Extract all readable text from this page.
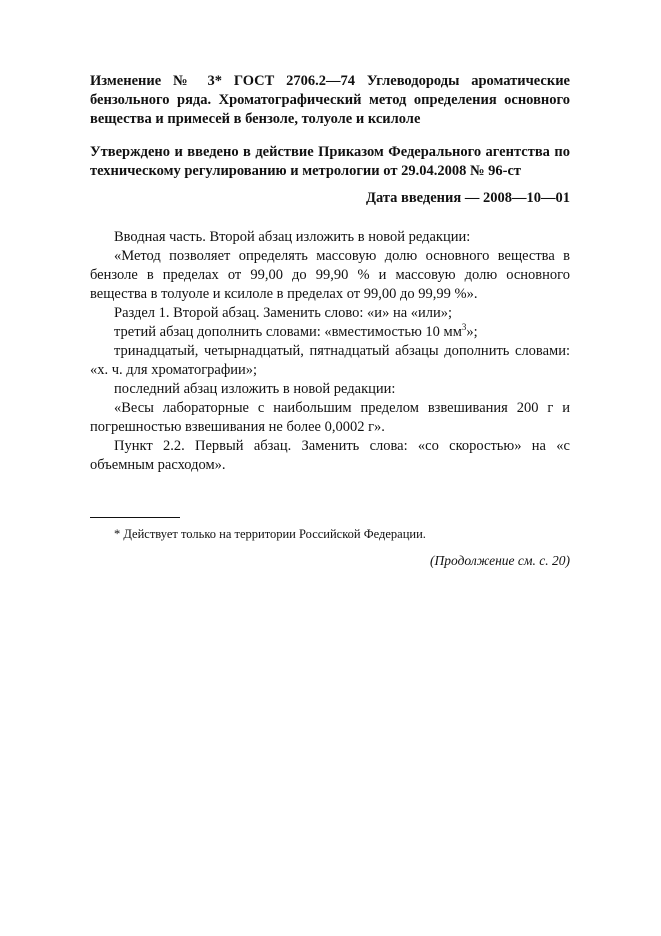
Изменение № 3* ГОСТ 2706.2—74 Углеводороды ароматические бензольного ряда. Хроматографический метод определения основного вещества и примесей в бензоле, толуоле и ксилоле

Утверждено и введено в действие Приказом Федерального агентства по техническому регулированию и метрологии от 29.04.2008 № 96-ст

Дата введения — 2008—10—01

Вводная часть. Второй абзац изложить в новой редакции:

«Метод позволяет определять массовую долю основного вещества в бензоле в пределах от 99,00 до 99,90 % и массовую долю основного вещества в толуоле и ксилоле в пределах от 99,00 до 99,99 %».

Раздел 1. Второй абзац. Заменить слово: «и» на «или»;

третий абзац дополнить словами: «вместимостью 10 $мм^3$»;

тринадцатый, четырнадцатый, пятнадцатый абзацы дополнить словами: «х. ч. для хроматографии»;

последний абзац изложить в новой редакции:

«Весы лабораторные с наибольшим пределом взвешивания 200 г и погрешностью взвешивания не более 0,0002 г».

Пункт 2.2. Первый абзац. Заменить слова: «со скоростью» на «с объемным расходом».

* Действует только на территории Российской Федерации.

(Продолжение см. с. 20)
